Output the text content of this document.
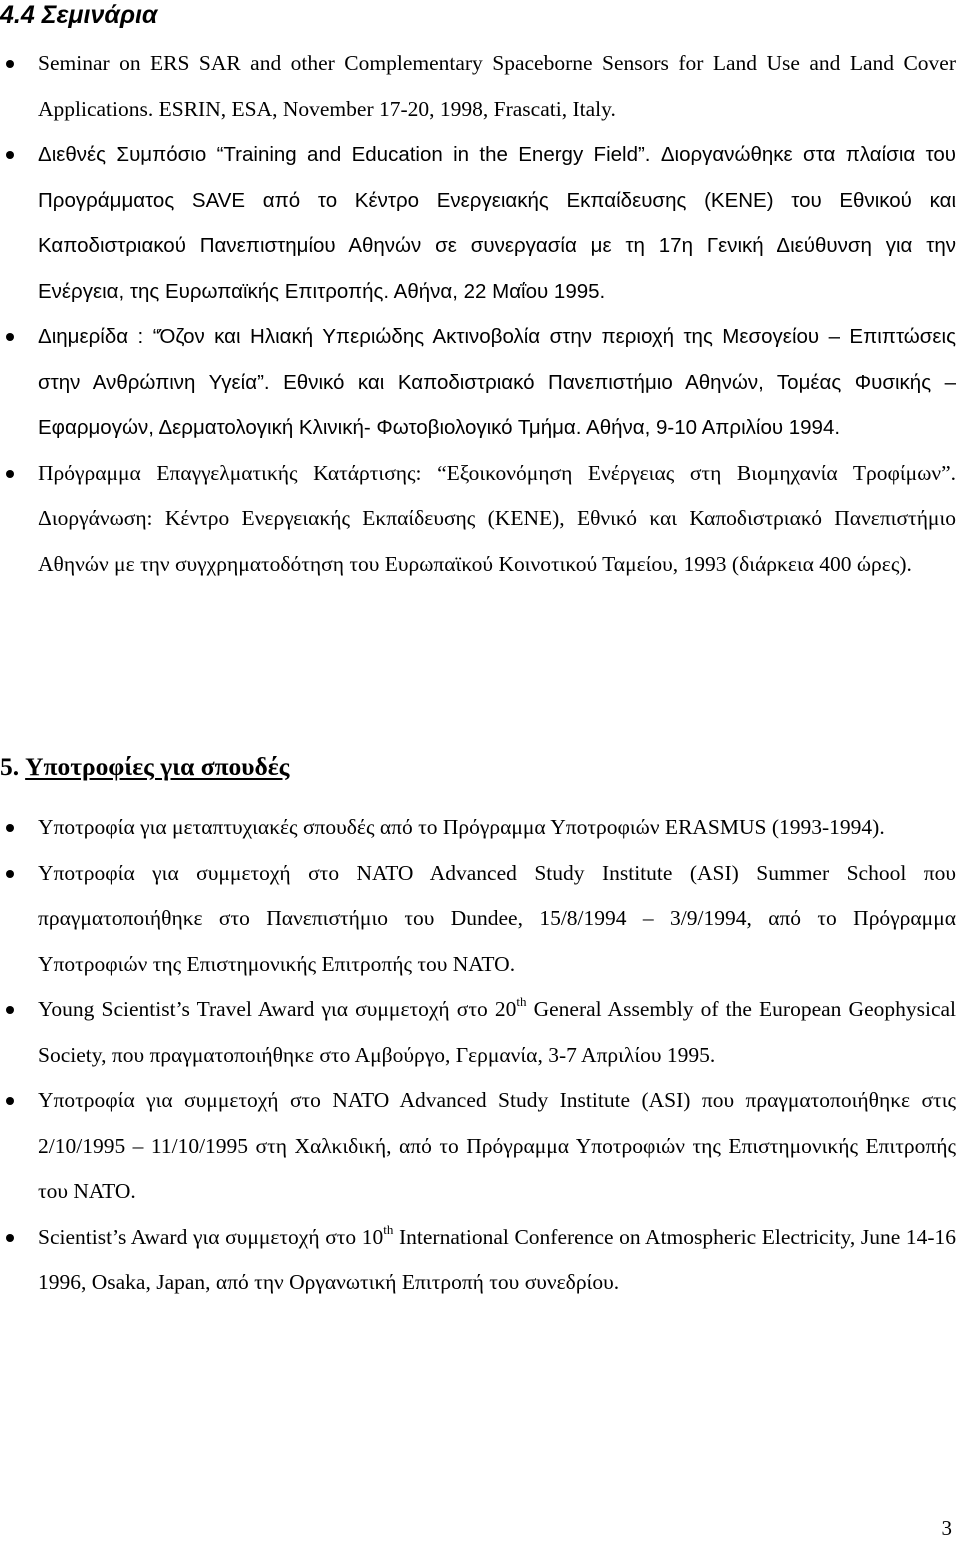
4.4 Σεμινάρια
Seminar on ERS SAR and other Complementary Spaceborne Sensors for Land Use and Land Cover Applications. ESRIN, ESA, November 17-20, 1998, Frascati, Italy.
Διεθνές Συμπόσιο “Training and Education in the Energy Field”. Διοργανώθηκε στα πλαίσια του Προγράμματος SAVE από το Κέντρο Ενεργειακής Εκπαίδευσης (ΚΕΝΕ) του Εθνικού και Καποδιστριακού Πανεπιστημίου Αθηνών σε συνεργασία με τη 17η Γενική Διεύθυνση για την Ενέργεια, της Ευρωπαϊκής Επιτροπής. Αθήνα, 22 Μαΐου 1995.
Διημερίδα : “Όζον και Ηλιακή Υπεριώδης Ακτινοβολία στην περιοχή της Μεσογείου – Επιπτώσεις στην Ανθρώπινη Υγεία”. Εθνικό και Καποδιστριακό Πανεπιστήμιο Αθηνών, Τομέας Φυσικής – Εφαρμογών, Δερματολογική Κλινική- Φωτοβιολογικό Τμήμα. Αθήνα, 9-10 Απριλίου 1994.
Πρόγραμμα Επαγγελματικής Κατάρτισης: “Εξοικονόμηση Ενέργειας στη Βιομηχανία Τροφίμων”. Διοργάνωση: Κέντρο Ενεργειακής Εκπαίδευσης (ΚΕΝΕ), Εθνικό και Καποδιστριακό Πανεπιστήμιο Αθηνών με την συγχρηματοδότηση του Ευρωπαϊκού Κοινοτικού Ταμείου, 1993 (διάρκεια 400 ώρες).
5. Υποτροφίες για σπουδές
Υποτροφία για μεταπτυχιακές σπουδές από το Πρόγραμμα Υποτροφιών ERASMUS (1993-1994).
Υποτροφία για συμμετοχή στο NATO Advanced Study Institute (ASI) Summer School που πραγματοποιήθηκε στο Πανεπιστήμιο του Dundee, 15/8/1994 – 3/9/1994, από το Πρόγραμμα Υποτροφιών της Επιστημονικής Επιτροπής του NATO.
Young Scientist’s Travel Award για συμμετοχή στο 20th General Assembly of the European Geophysical Society, που πραγματοποιήθηκε στο Αμβούργο, Γερμανία, 3-7 Απριλίου 1995.
Υποτροφία για συμμετοχή στο NATO Advanced Study Institute (ASI) που πραγματοποιήθηκε στις 2/10/1995 – 11/10/1995 στη Χαλκιδική, από το Πρόγραμμα Υποτροφιών της Επιστημονικής Επιτροπής του NATO.
Scientist’s Award για συμμετοχή στο 10th International Conference on Atmospheric Electricity, June 14-16 1996, Osaka, Japan, από την Οργανωτική Επιτροπή του συνεδρίου.
3
